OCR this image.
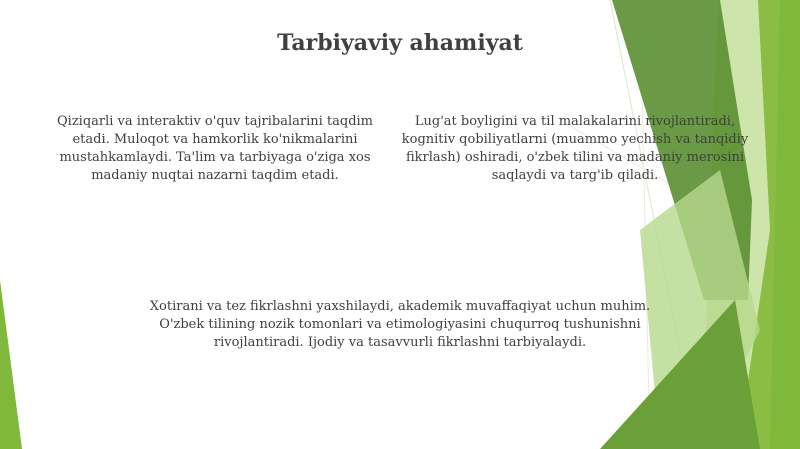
Tarbiyaviy ahamiyat

Qiziqarli va interaktiv o'quv tajribalarini taqdim etadi. Muloqot va hamkorlik ko'nikmalarini mustahkamlaydi. Ta'lim va tarbiyaga o'ziga xos madaniy nuqtai nazarni taqdim etadi.

Lug'at boyligini va til malakalarini rivojlantiradi, kognitiv qobiliyatlarni (muammo yechish va tanqidiy fikrlash) oshiradi, o'zbek tilini va madaniy merosini saqlaydi va targ'ib qiladi.

Xotirani va tez fikrlashni yaxshilaydi, akademik muvaffaqiyat uchun muhim. O'zbek tilining nozik tomonlari va etimologiyasini chuqurroq tushunishni rivojlantiradi. Ijodiy va tasavvurli fikrlashni tarbiyalaydi.
